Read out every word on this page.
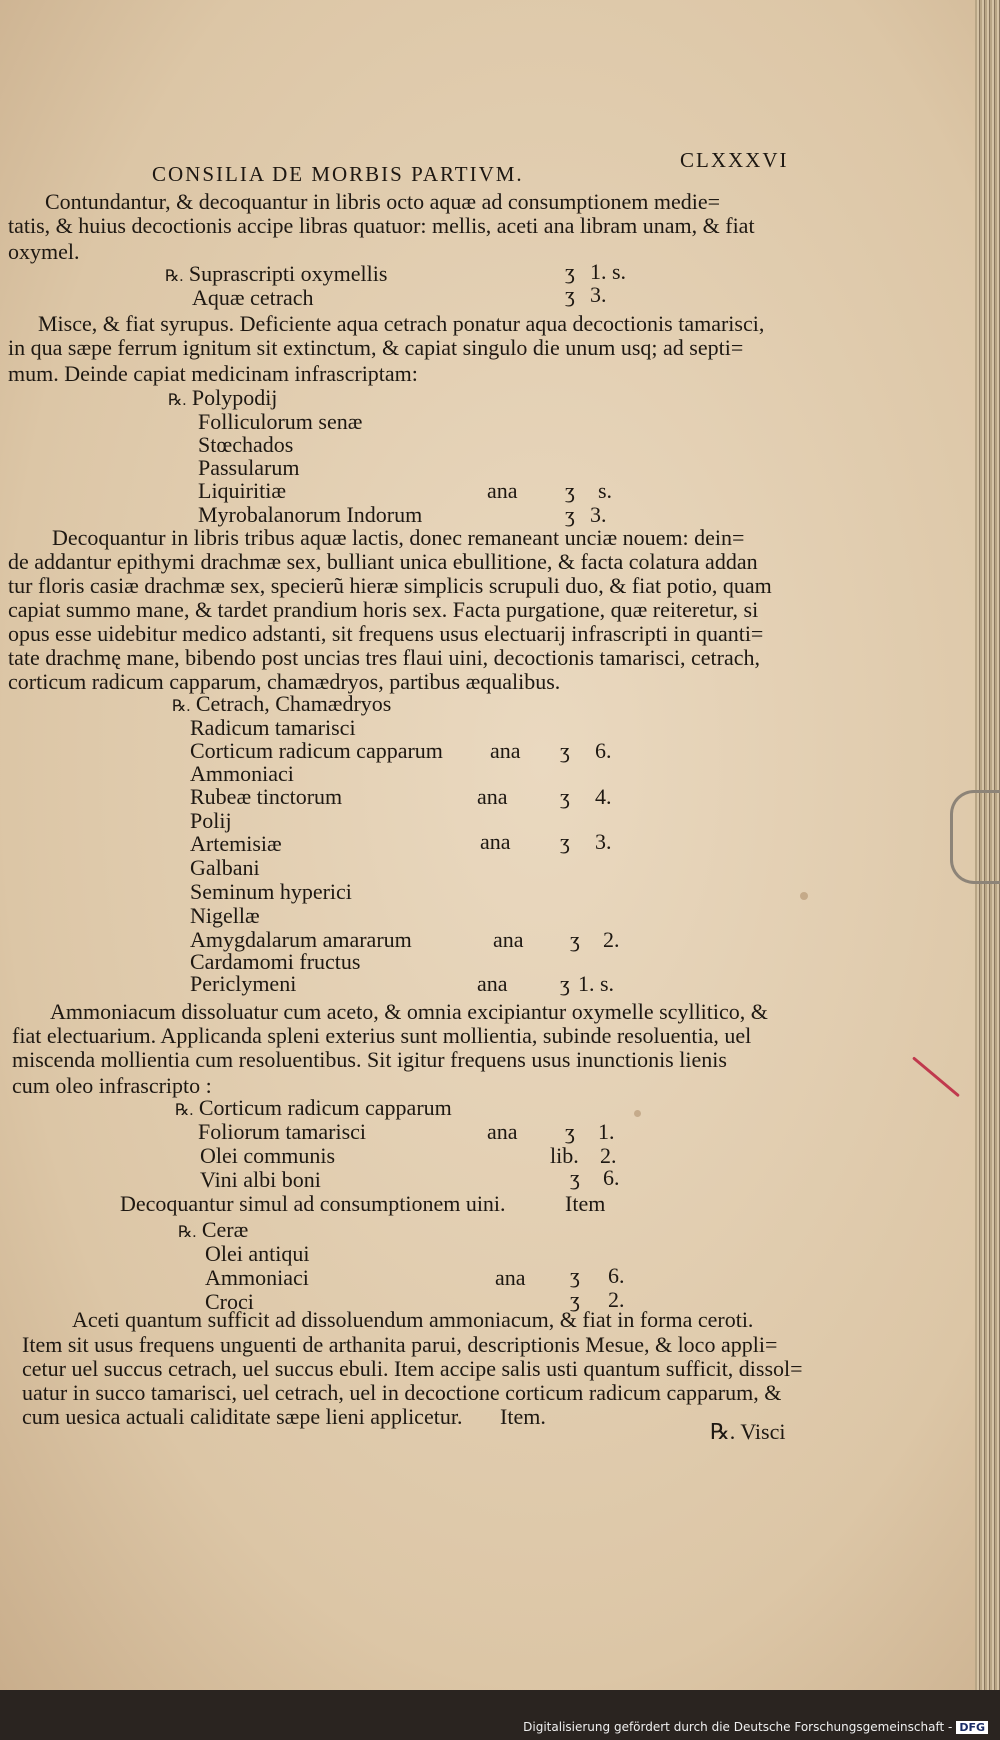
CONSILIA DE MORBIS PARTIVM.
CLXXXVI
Contundantur, & decoquantur in libris octo aquæ ad consumptionem medie=
tatis, & huius decoctionis accipe libras quatuor: mellis, aceti ana libram unam, & fiat
oxymel.
℞. Suprascripti oxymellis	ʒ 1. s.
Aquæ cetrach	ʒ 3.
Misce, & fiat syrupus. Deficiente aqua cetrach ponatur aqua decoctionis tamarisci,
in qua sæpe ferrum ignitum sit extinctum, & capiat singulo die unum usq; ad septi=
mum. Deinde capiat medicinam infrascriptam:
℞. Polypodij
Folliculorum senæ
Stœchados
Passularum
Liquiritiæ	ana ʒ s.
Myrobalanorum Indorum	ʒ 3.
Decoquantur in libris tribus aquæ lactis, donec remaneant unciæ nouem: dein=
de addantur epithymi drachmæ sex, bulliant unica ebullitione, & facta colatura addan
tur floris casiæ drachmæ sex, specierũ hieræ simplicis scrupuli duo, & fiat potio, quam
capiat summo mane, & tardet prandium horis sex. Facta purgatione, quæ reiteretur, si
opus esse uidebitur medico adstanti, sit frequens usus electuarij infrascripti in quanti=
tate drachmę mane, bibendo post uncias tres flaui uini, decoctionis tamarisci, cetrach,
corticum radicum capparum, chamædryos, partibus æqualibus.
℞. Cetrach, Chamædryos
Radicum tamarisci
Corticum radicum capparum ana ʒ 6.
Ammoniaci
Rubeæ tinctorum	ana ʒ 4.
Polij
Artemisiæ	ana ʒ 3.
Galbani
Seminum hyperici
Nigellæ
Amygdalarum amararum	ana ʒ 2.
Cardamomi fructus
Periclymeni	ana ʒ 1. s.
Ammoniacum dissoluatur cum aceto, & omnia excipiantur oxymelle scyllitico, &
fiat electuarium. Applicanda spleni exterius sunt mollientia, subinde resoluentia, uel
miscenda mollientia cum resoluentibus. Sit igitur frequens usus inunctionis lienis
cum oleo infrascripto :
℞. Corticum radicum capparum
Foliorum tamarisci	ana ʒ 1.
Olei communis	lib. 2.
Vini albi boni	ʒ 6.
Decoquantur simul ad consumptionem uini.	Item
℞. Ceræ
Olei antiqui
Ammoniaci	ana ʒ 6.
Croci	ʒ 2.
Aceti quantum sufficit ad dissoluendum ammoniacum, & fiat in forma ceroti.
Item sit usus frequens unguenti de arthanita parui, descriptionis Mesue, & loco appli=
cetur uel succus cetrach, uel succus ebuli. Item accipe salis usti quantum sufficit, dissol=
uatur in succo tamarisci, uel cetrach, uel in decoctione corticum radicum capparum, &
cum uesica actuali caliditate sæpe lieni applicetur. Item.
℞. Visci
Digitalisierung gefördert durch die Deutsche Forschungsgemeinschaft - DFG
